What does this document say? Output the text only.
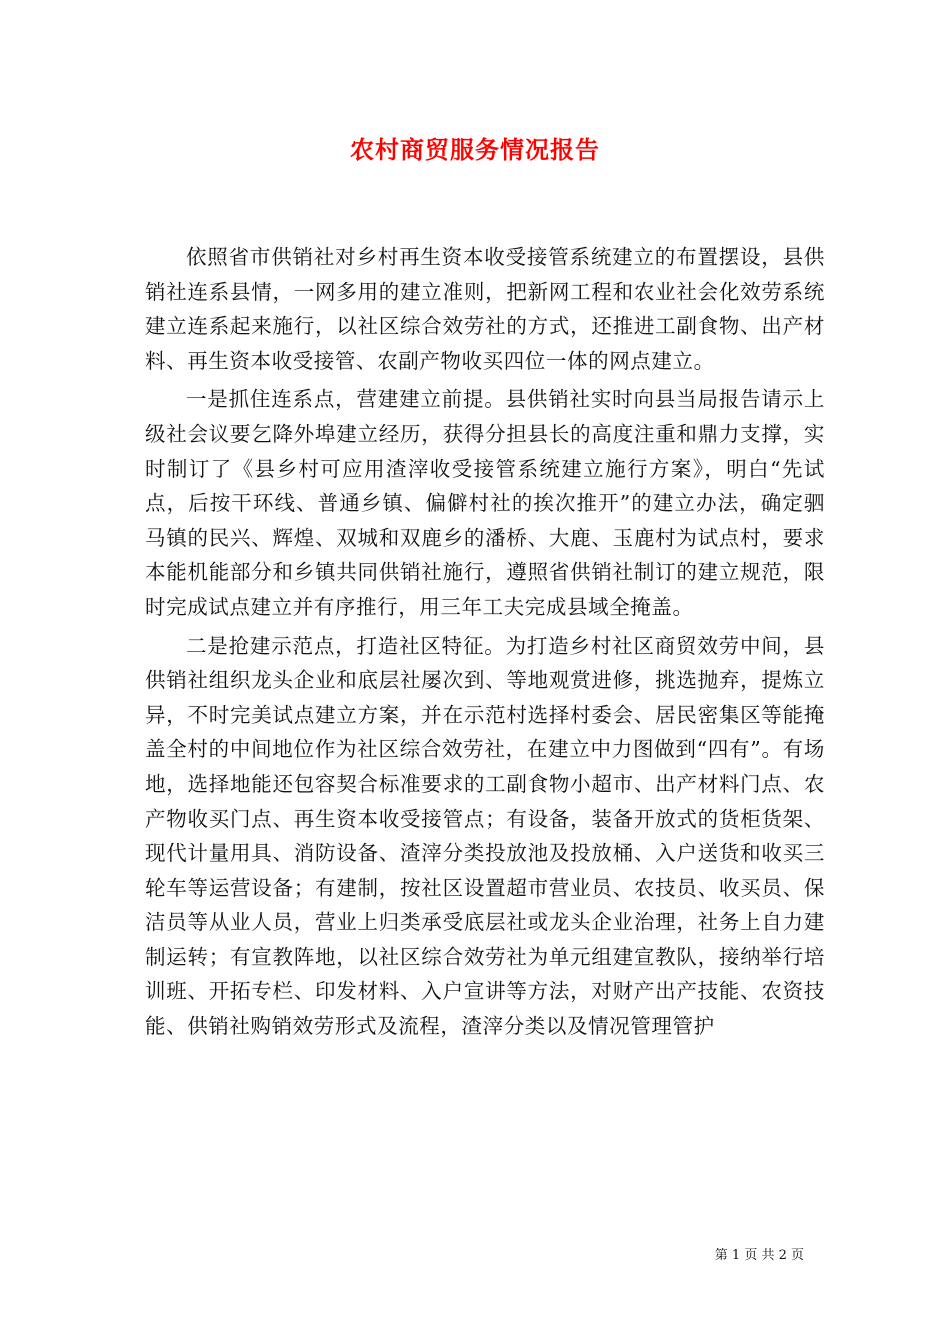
农村商贸服务情况报告

依照省市供销社对乡村再生资本收受接管系统建立的布置摆设，县供销社连系县情，一网多用的建立准则，把新网工程和农业社会化效劳系统建立连系起来施行，以社区综合效劳社的方式，还推进工副食物、出产材料、再生资本收受接管、农副产物收买四位一体的网点建立。

一是抓住连系点，营建建立前提。县供销社实时向县当局报告请示上级社会议要乞降外埠建立经历，获得分担县长的高度注重和鼎力支撑，实时制订了《县乡村可应用渣滓收受接管系统建立施行方案》，明白“先试点，后按干环线、普通乡镇、偏僻村社的挨次推开”的建立办法，确定驷马镇的民兴、辉煌、双城和双鹿乡的潘桥、大鹿、玉鹿村为试点村，要求本能机能部分和乡镇共同供销社施行，遵照省供销社制订的建立规范，限时完成试点建立并有序推行，用三年工夫完成县域全掩盖。

二是抢建示范点，打造社区特征。为打造乡村社区商贸效劳中间，县供销社组织龙头企业和底层社屡次到、等地观赏进修，挑选抛弃，提炼立异，不时完美试点建立方案，并在示范村选择村委会、居民密集区等能掩盖全村的中间地位作为社区综合效劳社，在建立中力图做到“四有”。有场地，选择地能还包容契合标准要求的工副食物小超市、出产材料门点、农产物收买门点、再生资本收受接管点；有设备，装备开放式的货柜货架、现代计量用具、消防设备、渣滓分类投放池及投放桶、入户送货和收买三轮车等运营设备；有建制，按社区设置超市营业员、农技员、收买员、保洁员等从业人员，营业上归类承受底层社或龙头企业治理，社务上自力建制运转；有宣教阵地，以社区综合效劳社为单元组建宣教队，接纳举行培训班、开拓专栏、印发材料、入户宣讲等方法，对财产出产技能、农资技能、供销社购销效劳形式及流程，渣滓分类以及情况管理管护

第 1 页 共 2 页
